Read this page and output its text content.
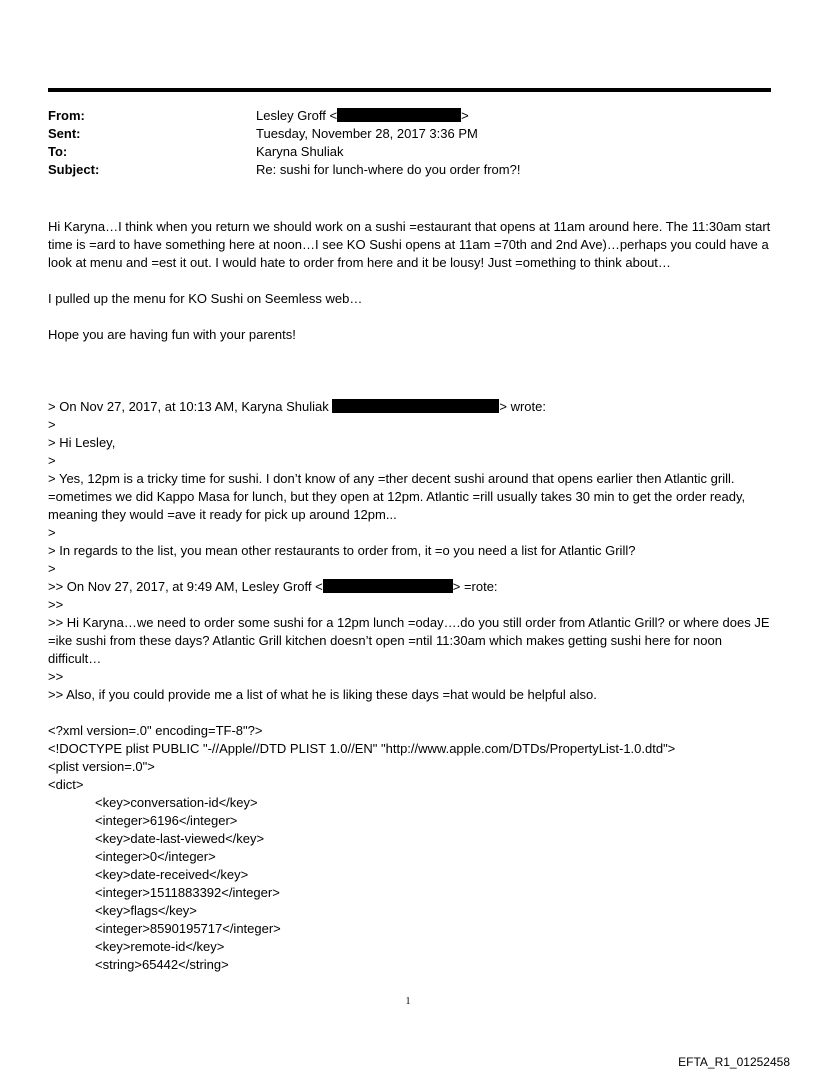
From:	Lesley Groff <	>
Sent:	Tuesday, November 28, 2017 3:36 PM
To:	Karyna Shuliak
Subject:	Re: sushi for lunch-where do you order from?!

Hi Karyna…I think when you return we should work on a sushi =estaurant that opens at 11am around here. The 11:30am start time is =ard to have something here at noon…I see KO Sushi opens at 11am =70th and 2nd Ave)…perhaps you could have a look at menu and =est it out. I would hate to order from here and it be lousy! Just =omething to think about…

I pulled up the menu for KO Sushi on Seemless web…

Hope you are having fun with your parents!

> On Nov 27, 2017, at 10:13 AM, Karyna Shuliak	> wrote:

>

> Hi Lesley,

>

> Yes, 12pm is a tricky time for sushi. I don’t know of any =ther decent sushi around that opens earlier then Atlantic grill. =ometimes we did Kappo Masa for lunch, but they open at 12pm. Atlantic =rill usually takes 30 min to get the order ready, meaning they would =ave it ready for pick up around 12pm...

>

> In regards to the list, you mean other restaurants to order from, it =o you need a list for Atlantic Grill?

>

>> On Nov 27, 2017, at 9:49 AM, Lesley Groff <	> =rote:

>>

>> Hi Karyna…we need to order some sushi for a 12pm lunch =oday….do you still order from Atlantic Grill? or where does JE =ike sushi from these days? Atlantic Grill kitchen doesn’t open =ntil 11:30am which makes getting sushi here for noon difficult…

>>

>> Also, if you could provide me a list of what he is liking these days =hat would be helpful also.

<?xml version=.0" encoding=TF-8"?>

<!DOCTYPE plist PUBLIC "-//Apple//DTD PLIST 1.0//EN" "http://www.apple.com/DTDs/PropertyList-1.0.dtd">

<plist version=.0">

<dict>

<key>conversation-id</key>

<integer>6196</integer>

<key>date-last-viewed</key>

<integer>0</integer>

<key>date-received</key>

<integer>1511883392</integer>

<key>flags</key>

<integer>8590195717</integer>

<key>remote-id</key>

<string>65442</string>

1
EFTA_R1_01252458
